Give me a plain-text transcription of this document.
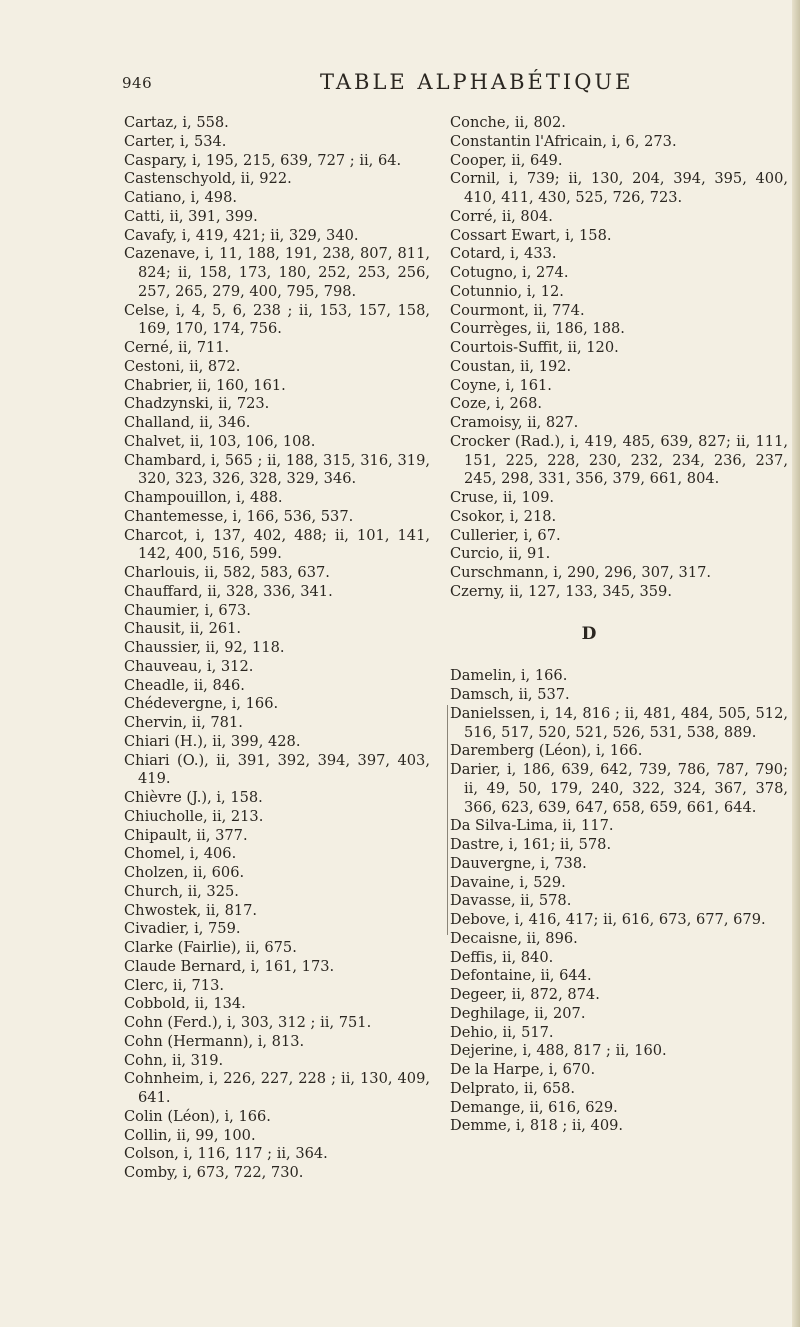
946	TABLE ALPHABÉTIQUE
Cartaz, i, 558.
Carter, i, 534.
Caspary, i, 195, 215, 639, 727 ; ii, 64.
Castenschyold, ii, 922.
Catiano, i, 498.
Catti, ii, 391, 399.
Cavafy, i, 419, 421; ii, 329, 340.
Cazenave, i, 11, 188, 191, 238, 807, 811, 824; ii, 158, 173, 180, 252, 253, 256, 257, 265, 279, 400, 795, 798.
Celse, i, 4, 5, 6, 238 ; ii, 153, 157, 158, 169, 170, 174, 756.
Cerné, ii, 711.
Cestoni, ii, 872.
Chabrier, ii, 160, 161.
Chadzynski, ii, 723.
Challand, ii, 346.
Chalvet, ii, 103, 106, 108.
Chambard, i, 565 ; ii, 188, 315, 316, 319, 320, 323, 326, 328, 329, 346.
Champouillon, i, 488.
Chantemesse, i, 166, 536, 537.
Charcot, i, 137, 402, 488; ii, 101, 141, 142, 400, 516, 599.
Charlouis, ii, 582, 583, 637.
Chauffard, ii, 328, 336, 341.
Chaumier, i, 673.
Chausit, ii, 261.
Chaussier, ii, 92, 118.
Chauveau, i, 312.
Cheadle, ii, 846.
Chédevergne, i, 166.
Chervin, ii, 781.
Chiari (H.), ii, 399, 428.
Chiari (O.), ii, 391, 392, 394, 397, 403, 419.
Chièvre (J.), i, 158.
Chiucholle, ii, 213.
Chipault, ii, 377.
Chomel, i, 406.
Cholzen, ii, 606.
Church, ii, 325.
Chwostek, ii, 817.
Civadier, i, 759.
Clarke (Fairlie), ii, 675.
Claude Bernard, i, 161, 173.
Clerc, ii, 713.
Cobbold, ii, 134.
Cohn (Ferd.), i, 303, 312 ; ii, 751.
Cohn (Hermann), i, 813.
Cohn, ii, 319.
Cohnheim, i, 226, 227, 228 ; ii, 130, 409, 641.
Colin (Léon), i, 166.
Collin, ii, 99, 100.
Colson, i, 116, 117 ; ii, 364.
Comby, i, 673, 722, 730.
Conche, ii, 802.
Constantin l'Africain, i, 6, 273.
Cooper, ii, 649.
Cornil, i, 739; ii, 130, 204, 394, 395, 400, 410, 411, 430, 525, 726, 723.
Corré, ii, 804.
Cossart Ewart, i, 158.
Cotard, i, 433.
Cotugno, i, 274.
Cotunnio, i, 12.
Courmont, ii, 774.
Courrèges, ii, 186, 188.
Courtois-Suffit, ii, 120.
Coustan, ii, 192.
Coyne, i, 161.
Coze, i, 268.
Cramoisy, ii, 827.
Crocker (Rad.), i, 419, 485, 639, 827; ii, 111, 151, 225, 228, 230, 232, 234, 236, 237, 245, 298, 331, 356, 379, 661, 804.
Cruse, ii, 109.
Csokor, i, 218.
Cullerier, i, 67.
Curcio, ii, 91.
Curschmann, i, 290, 296, 307, 317.
Czerny, ii, 127, 133, 345, 359.
D
Damelin, i, 166.
Damsch, ii, 537.
Danielssen, i, 14, 816 ; ii, 481, 484, 505, 512, 516, 517, 520, 521, 526, 531, 538, 889.
Daremberg (Léon), i, 166.
Darier, i, 186, 639, 642, 739, 786, 787, 790; ii, 49, 50, 179, 240, 322, 324, 367, 378, 366, 623, 639, 647, 658, 659, 661, 644.
Da Silva-Lima, ii, 117.
Dastre, i, 161; ii, 578.
Dauvergne, i, 738.
Davaine, i, 529.
Davasse, ii, 578.
Debove, i, 416, 417; ii, 616, 673, 677, 679.
Decaisne, ii, 896.
Deffis, ii, 840.
Defontaine, ii, 644.
Degeer, ii, 872, 874.
Deghilage, ii, 207.
Dehio, ii, 517.
Dejerine, i, 488, 817 ; ii, 160.
De la Harpe, i, 670.
Delprato, ii, 658.
Demange, ii, 616, 629.
Demme, i, 818 ; ii, 409.
